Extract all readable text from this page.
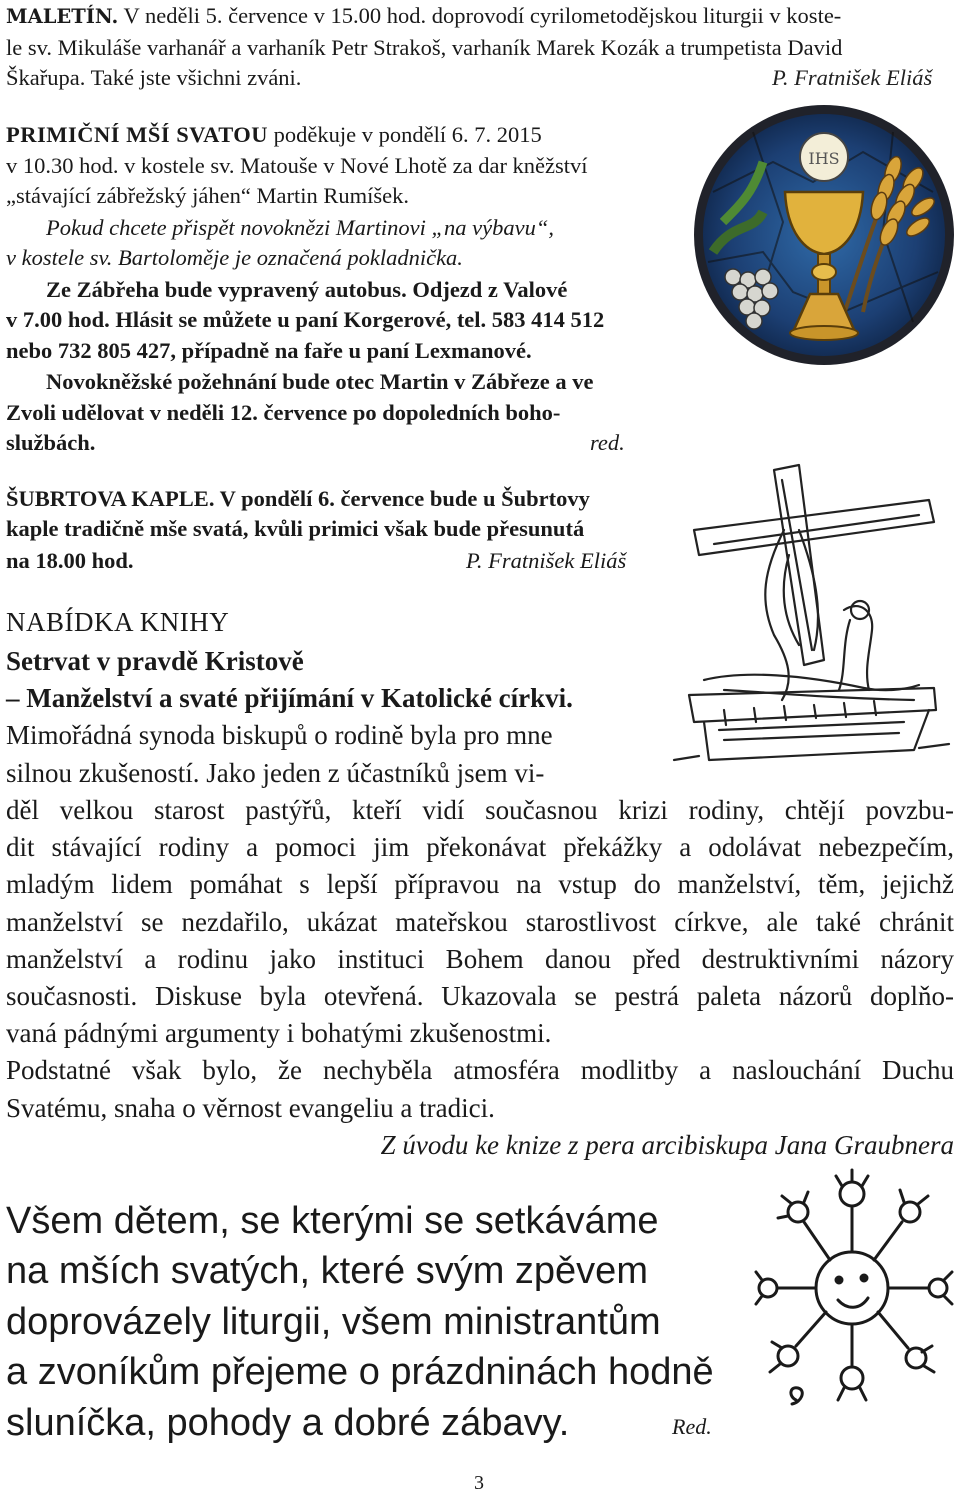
MALETÍN. V neděli 5. července v 15.00 hod. doprovodí cyrilometodějskou liturgii v koste-
le sv. Mikuláše varhanář a varhaník Petr Strakoš, varhaník Marek Kozák a trumpetista David
Škařupa. Také jste všichni zváni.	P. Fratnišek Eliáš
PRIMIČNÍ MŠÍ SVATOU poděkuje v pondělí 6. 7. 2015
v 10.30 hod. v kostele sv. Matouše v Nové Lhotě za dar kněžství
„stávající zábřežský jáhen“ Martin Rumíšek.
Pokud chcete přispět novoknězi Martinovi „na výbavu“,
v kostele sv. Bartoloměje je označená pokladnička.
Ze Zábřeha bude vypravený autobus. Odjezd z Valové
v 7.00 hod. Hlásit se můžete u paní Korgerové, tel. 583 414 512
nebo 732 805 427, případně na faře u paní Lexmanové.
Novokněžské požehnání bude otec Martin v Zábřeze a ve
Zvoli udělovat v neděli 12. července po dopoledních boho-
službách.	red.
IHS
ŠUBRTOVA KAPLE. V pondělí 6. července bude u Šubrtovy
kaple tradičně mše svatá, kvůli primici však bude přesunutá
na 18.00 hod.	P. Fratnišek Eliáš
NABÍDKA KNIHY
Setrvat v pravdě Kristově
– Manželství a svaté přijímání v Katolické církvi.
Mimořádná synoda biskupů o rodině byla pro mne
silnou zkušeností. Jako jeden z účastníků jsem vi-
děl velkou starost pastýřů, kteří vidí současnou krizi rodiny, chtějí povzbu-
dit stávající rodiny a pomoci jim překonávat překážky a odolávat nebezpečím,
mladým lidem pomáhat s lepší přípravou na vstup do manželství, těm, jejichž
manželství se nezdařilo, ukázat mateřskou starostlivost církve, ale také chránit
manželství a rodinu jako instituci Bohem danou před destruktivními názory
současnosti. Diskuse byla otevřená. Ukazovala se pestrá paleta názorů doplňo-
vaná pádnými argumenty i bohatými zkušenostmi.
Podstatné však bylo, že nechyběla atmosféra modlitby a naslouchání Duchu
Svatému, snaha o věrnost evangeliu a tradici.
Z úvodu ke knize z pera arcibiskupa Jana Graubnera
Všem dětem, se kterými se setkáváme
na mších svatých, které svým zpěvem
doprovázely liturgii, všem ministrantům
a zvoníkům přejeme o prázdninách hodně
sluníčka, pohody a dobré zábavy.	Red.
3
